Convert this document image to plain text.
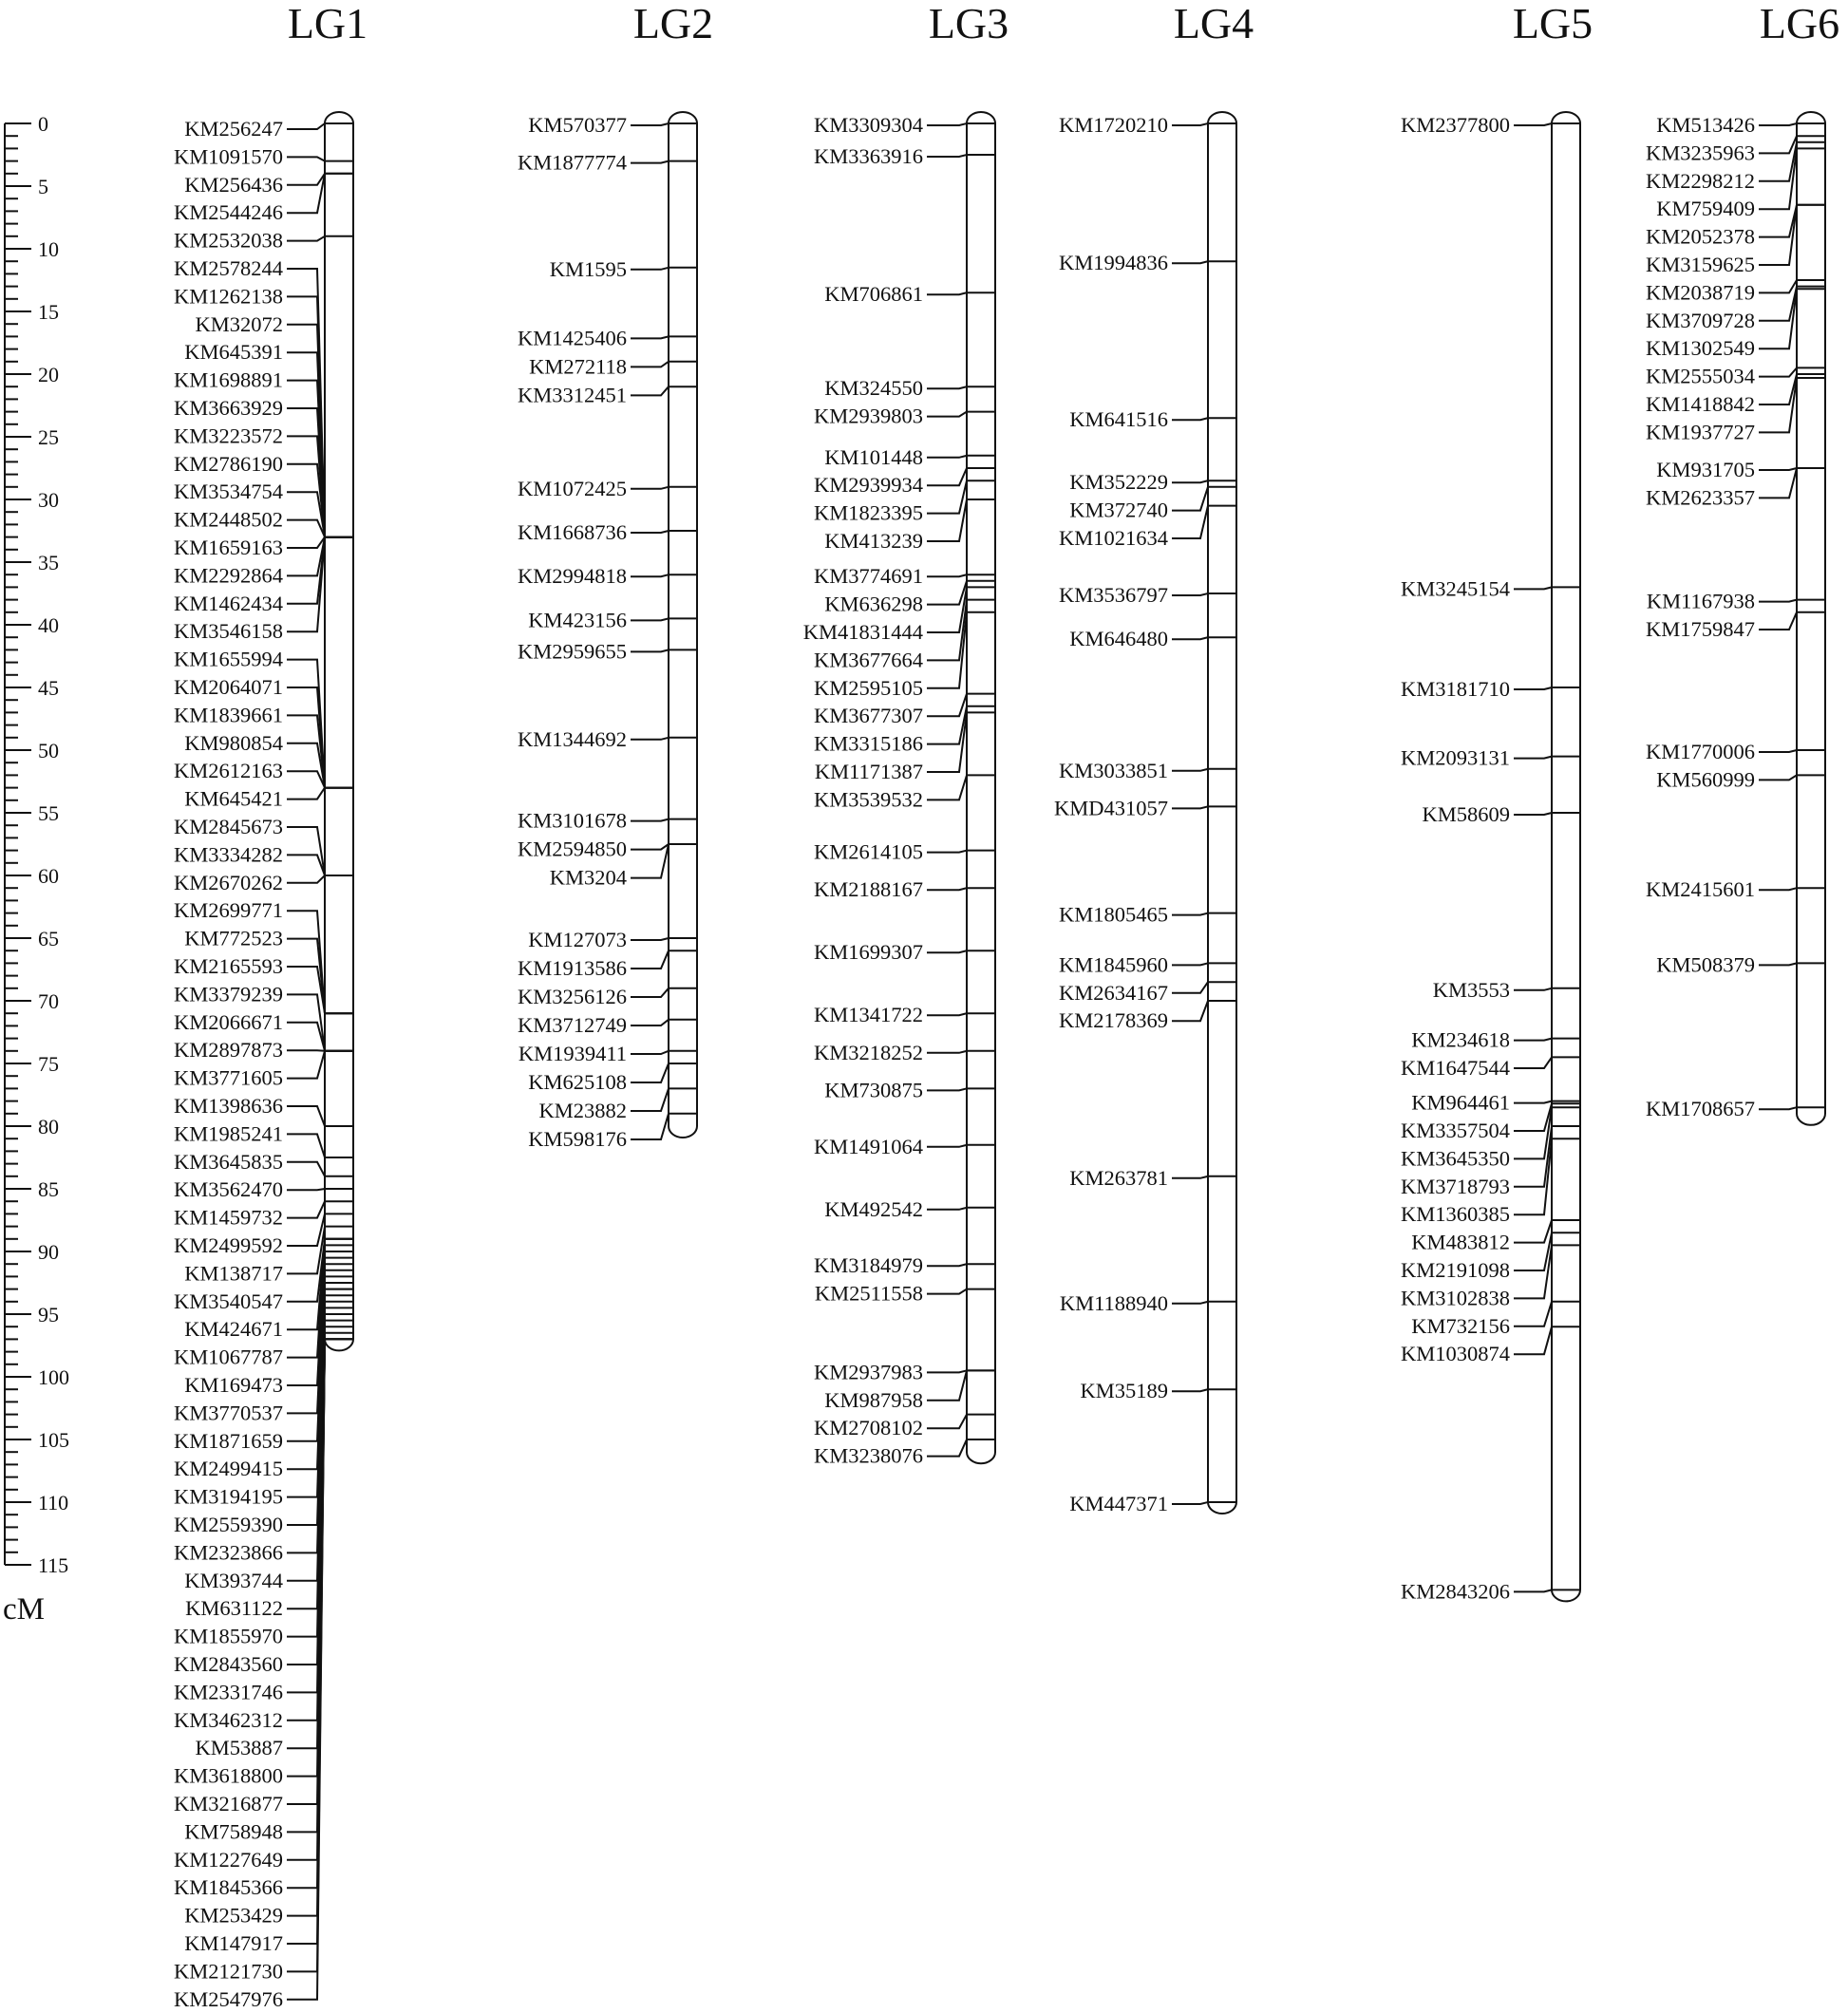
0
5
10
15
20
25
30
35
40
45
50
55
60
65
70
75
80
85
90
95
100
105
110
115
cM
LG1
KM256247
KM1091570
KM256436
KM2544246
KM2532038
KM2578244
KM1262138
KM32072
KM645391
KM1698891
KM3663929
KM3223572
KM2786190
KM3534754
KM2448502
KM1659163
KM2292864
KM1462434
KM3546158
KM1655994
KM2064071
KM1839661
KM980854
KM2612163
KM645421
KM2845673
KM3334282
KM2670262
KM2699771
KM772523
KM2165593
KM3379239
KM2066671
KM2897873
KM3771605
KM1398636
KM1985241
KM3645835
KM3562470
KM1459732
KM2499592
KM138717
KM3540547
KM424671
KM1067787
KM169473
KM3770537
KM1871659
KM2499415
KM3194195
KM2559390
KM2323866
KM393744
KM631122
KM1855970
KM2843560
KM2331746
KM3462312
KM53887
KM3618800
KM3216877
KM758948
KM1227649
KM1845366
KM253429
KM147917
KM2121730
KM2547976
LG2
KM570377
KM1877774
KM1595
KM1425406
KM272118
KM3312451
KM1072425
KM1668736
KM2994818
KM423156
KM2959655
KM1344692
KM3101678
KM2594850
KM3204
KM127073
KM1913586
KM3256126
KM3712749
KM1939411
KM625108
KM23882
KM598176
LG3
KM3309304
KM3363916
KM706861
KM324550
KM2939803
KM101448
KM2939934
KM1823395
KM413239
KM3774691
KM636298
KM41831444
KM3677664
KM2595105
KM3677307
KM3315186
KM1171387
KM3539532
KM2614105
KM2188167
KM1699307
KM1341722
KM3218252
KM730875
KM1491064
KM492542
KM3184979
KM2511558
KM2937983
KM987958
KM2708102
KM3238076
LG4
KM1720210
KM1994836
KM641516
KM352229
KM372740
KM1021634
KM3536797
KM646480
KM3033851
KMD431057
KM1805465
KM1845960
KM2634167
KM2178369
KM263781
KM1188940
KM35189
KM447371
LG5
KM2377800
KM3245154
KM3181710
KM2093131
KM58609
KM3553
KM234618
KM1647544
KM964461
KM3357504
KM3645350
KM3718793
KM1360385
KM483812
KM2191098
KM3102838
KM732156
KM1030874
KM2843206
LG6
KM513426
KM3235963
KM2298212
KM759409
KM2052378
KM3159625
KM2038719
KM3709728
KM1302549
KM2555034
KM1418842
KM1937727
KM931705
KM2623357
KM1167938
KM1759847
KM1770006
KM560999
KM2415601
KM508379
KM1708657
